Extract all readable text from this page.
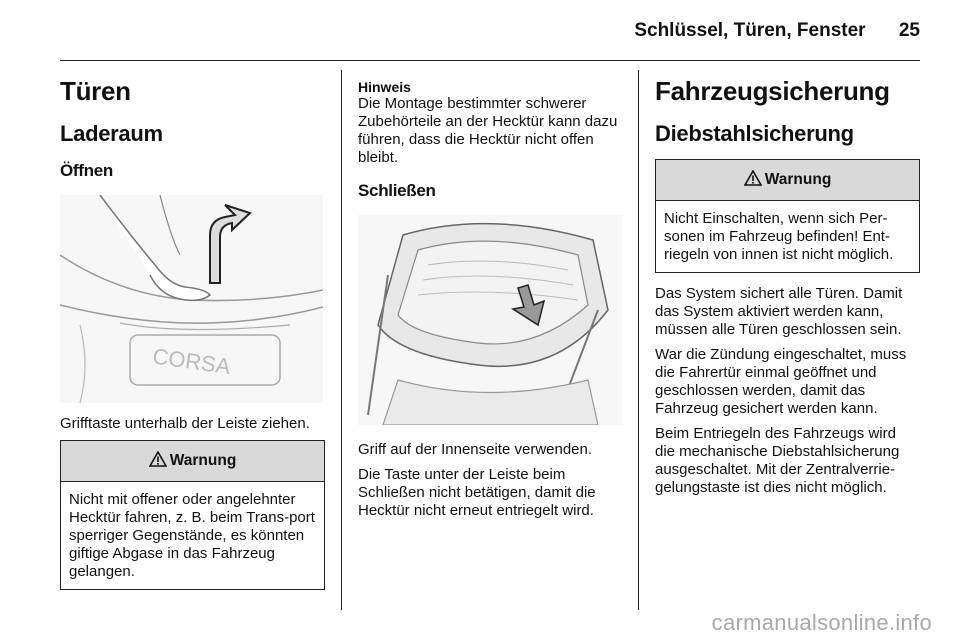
Schlüssel, Türen, Fenster 25
Türen
Laderaum
Öffnen
CORSA

Grifftaste unterhalb der Leiste ziehen.

Warnung
Nicht mit offener oder angelehnter Hecktür fahren, z. B. beim Trans-port sperriger Gegenstände, es könnten giftige Abgase in das Fahrzeug gelangen.
Hinweis

Die Montage bestimmter schwerer Zubehörteile an der Hecktür kann dazu führen, dass die Hecktür nicht offen bleibt.

Schließen

Griff auf der Innenseite verwenden.

Die Taste unter der Leiste beim Schließen nicht betätigen, damit die Hecktür nicht erneut entriegelt wird.

Fahrzeugsicherung
Diebstahlsicherung
Warnung
Nicht Einschalten, wenn sich Per-sonen im Fahrzeug befinden! Ent-riegeln von innen ist nicht möglich.

Das System sichert alle Türen. Damit das System aktiviert werden kann, müssen alle Türen geschlossen sein.

War die Zündung eingeschaltet, muss die Fahrertür einmal geöffnet und geschlossen werden, damit das Fahrzeug gesichert werden kann.

Beim Entriegeln des Fahrzeugs wird die mechanische Diebstahlsicherung ausgeschaltet. Mit der Zentralverrie-gelungstaste ist dies nicht möglich.

carmanualsonline.info
